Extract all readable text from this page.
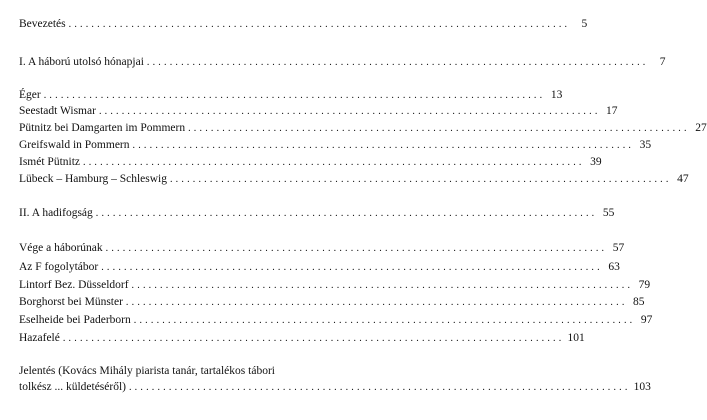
Bevezetés ........................................................................................ 5
I. A háború utolsó hónapjai ........................................................................................ 7
Éger ........................................................................................ 13
Seestadt Wismar ........................................................................................ 17
Pütnitz bei Damgarten im Pommern ........................................................................................ 27
Greifswald in Pommern ........................................................................................ 35
Ismét Pütnitz ........................................................................................ 39
Lübeck – Hamburg – Schleswig ........................................................................................ 47
II. A hadifogság ........................................................................................ 55
Vége a háborúnak ........................................................................................ 57
Az F fogolytábor ........................................................................................ 63
Lintorf Bez. Düsseldorf ........................................................................................ 79
Borghorst bei Münster ........................................................................................ 85
Eselheide bei Paderborn ........................................................................................ 97
Hazafelé ........................................................................................ 101
Jelentés (Kovács Mihály piarista tanár, tartalékos tábori
tolkész ... küldetéséről) ........................................................................................ 103
